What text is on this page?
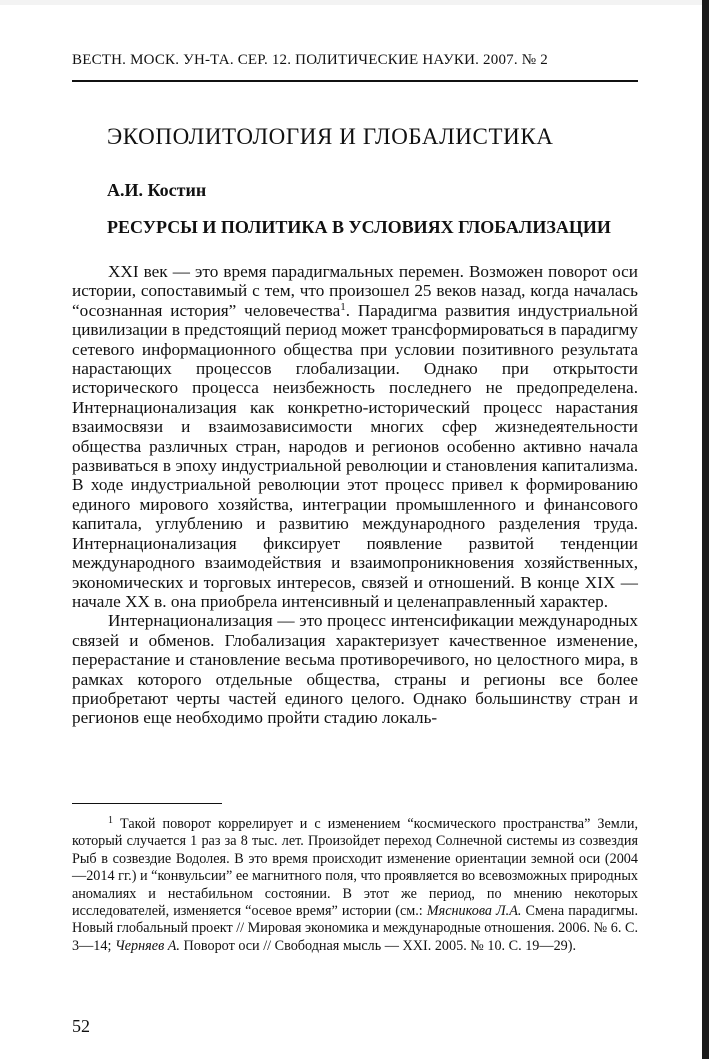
ВЕСТН. МОСК. УН-ТА. СЕР. 12. ПОЛИТИЧЕСКИЕ НАУКИ. 2007. № 2
ЭКОПОЛИТОЛОГИЯ И ГЛОБАЛИСТИКА
А.И. Костин
РЕСУРСЫ И ПОЛИТИКА В УСЛОВИЯХ ГЛОБАЛИЗАЦИИ

XXI век — это время парадигмальных перемен. Возможен поворот оси истории, сопоставимый с тем, что произошел 25 веков назад, когда началась “осознанная история” человечества$^1$. Парадигма развития индустриальной цивилизации в предстоящий период может трансформироваться в парадигму сетевого информационного общества при условии позитивного результата нарастающих процессов глобализации. Однако при открытости исторического процесса неизбежность последнего не предопределена. Интернационализация как конкретно-исторический процесс нарастания взаимосвязи и взаимозависимости многих сфер жизнедеятельности общества различных стран, народов и регионов особенно активно начала развиваться в эпоху индустриальной революции и становления капитализма. В ходе индустриальной революции этот процесс привел к формированию единого мирового хозяйства, интеграции промышленного и финансового капитала, углублению и развитию международного разделения труда. Интернационализация фиксирует появление развитой тенденции международного взаимодействия и взаимопроникновения хозяйственных, экономических и торговых интересов, связей и отношений. В конце XIX — начале XX в. она приобрела интенсивный и целенаправленный характер.

Интернационализация — это процесс интенсификации международных связей и обменов. Глобализация характеризует качественное изменение, перерастание и становление весьма противоречивого, но целостного мира, в рамках которого отдельные общества, страны и регионы все более приобретают черты частей единого целого. Однако большинству стран и регионов еще необходимо пройти стадию локаль-

$^1$ Такой поворот коррелирует и с изменением “космического пространства” Земли, который случается 1 раз за 8 тыс. лет. Произойдет переход Солнечной системы из созвездия Рыб в созвездие Водолея. В это время происходит изменение ориентации земной оси (2004—2014 гг.) и “конвульсии” ее магнитного поля, что проявляется во всевозможных природных аномалиях и нестабильном состоянии. В этот же период, по мнению некоторых исследователей, изменяется “осевое время” истории (см.: Мясникова Л.А. Смена парадигмы. Новый глобальный проект // Мировая экономика и международные отношения. 2006. № 6. С. 3—14; Черняев А. Поворот оси // Свободная мысль — XXI. 2005. № 10. С. 19—29).

52
